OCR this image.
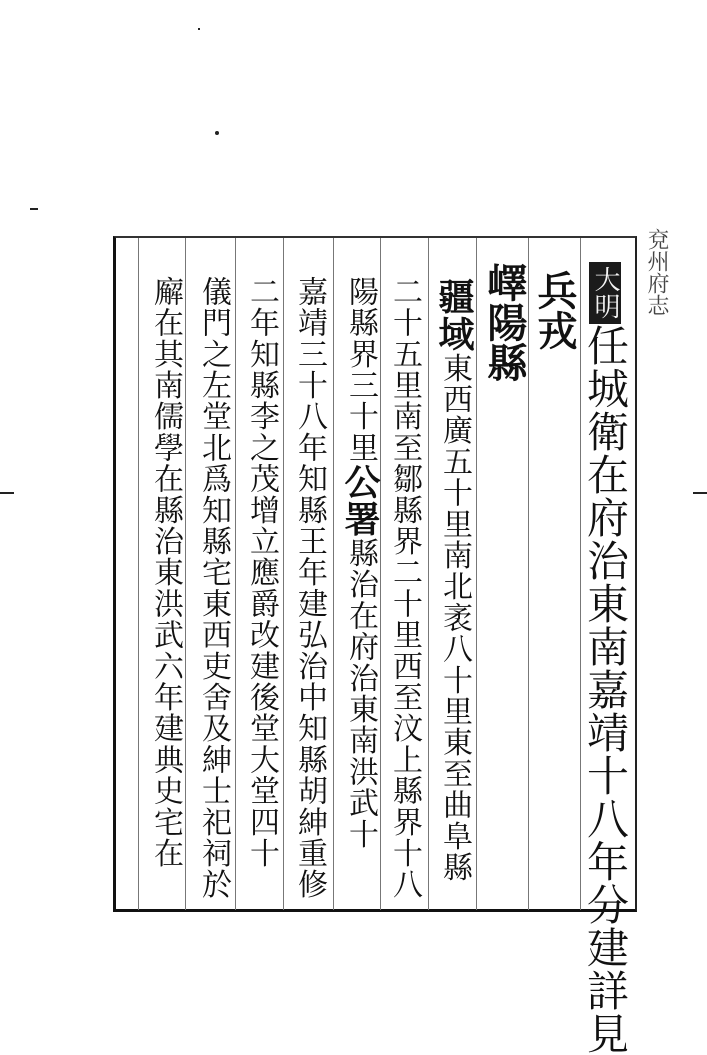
兗州府志
大明任城衛在府治東南嘉靖十八年分建詳見
兵戎
嶧陽縣
疆域東西廣五十里南北袤八十里東至曲阜縣
二十五里南至鄒縣界二十里西至汶上縣界十八
陽縣界三十里公署縣治在府治東南洪武十
嘉靖三十八年知縣王年建弘治中知縣胡紳重修
二年知縣李之茂增立應爵改建後堂大堂四十
儀門之左堂北爲知縣宅東西吏舍及紳士祀祠於
廨在其南儒學在縣治東洪武六年建典史宅在
